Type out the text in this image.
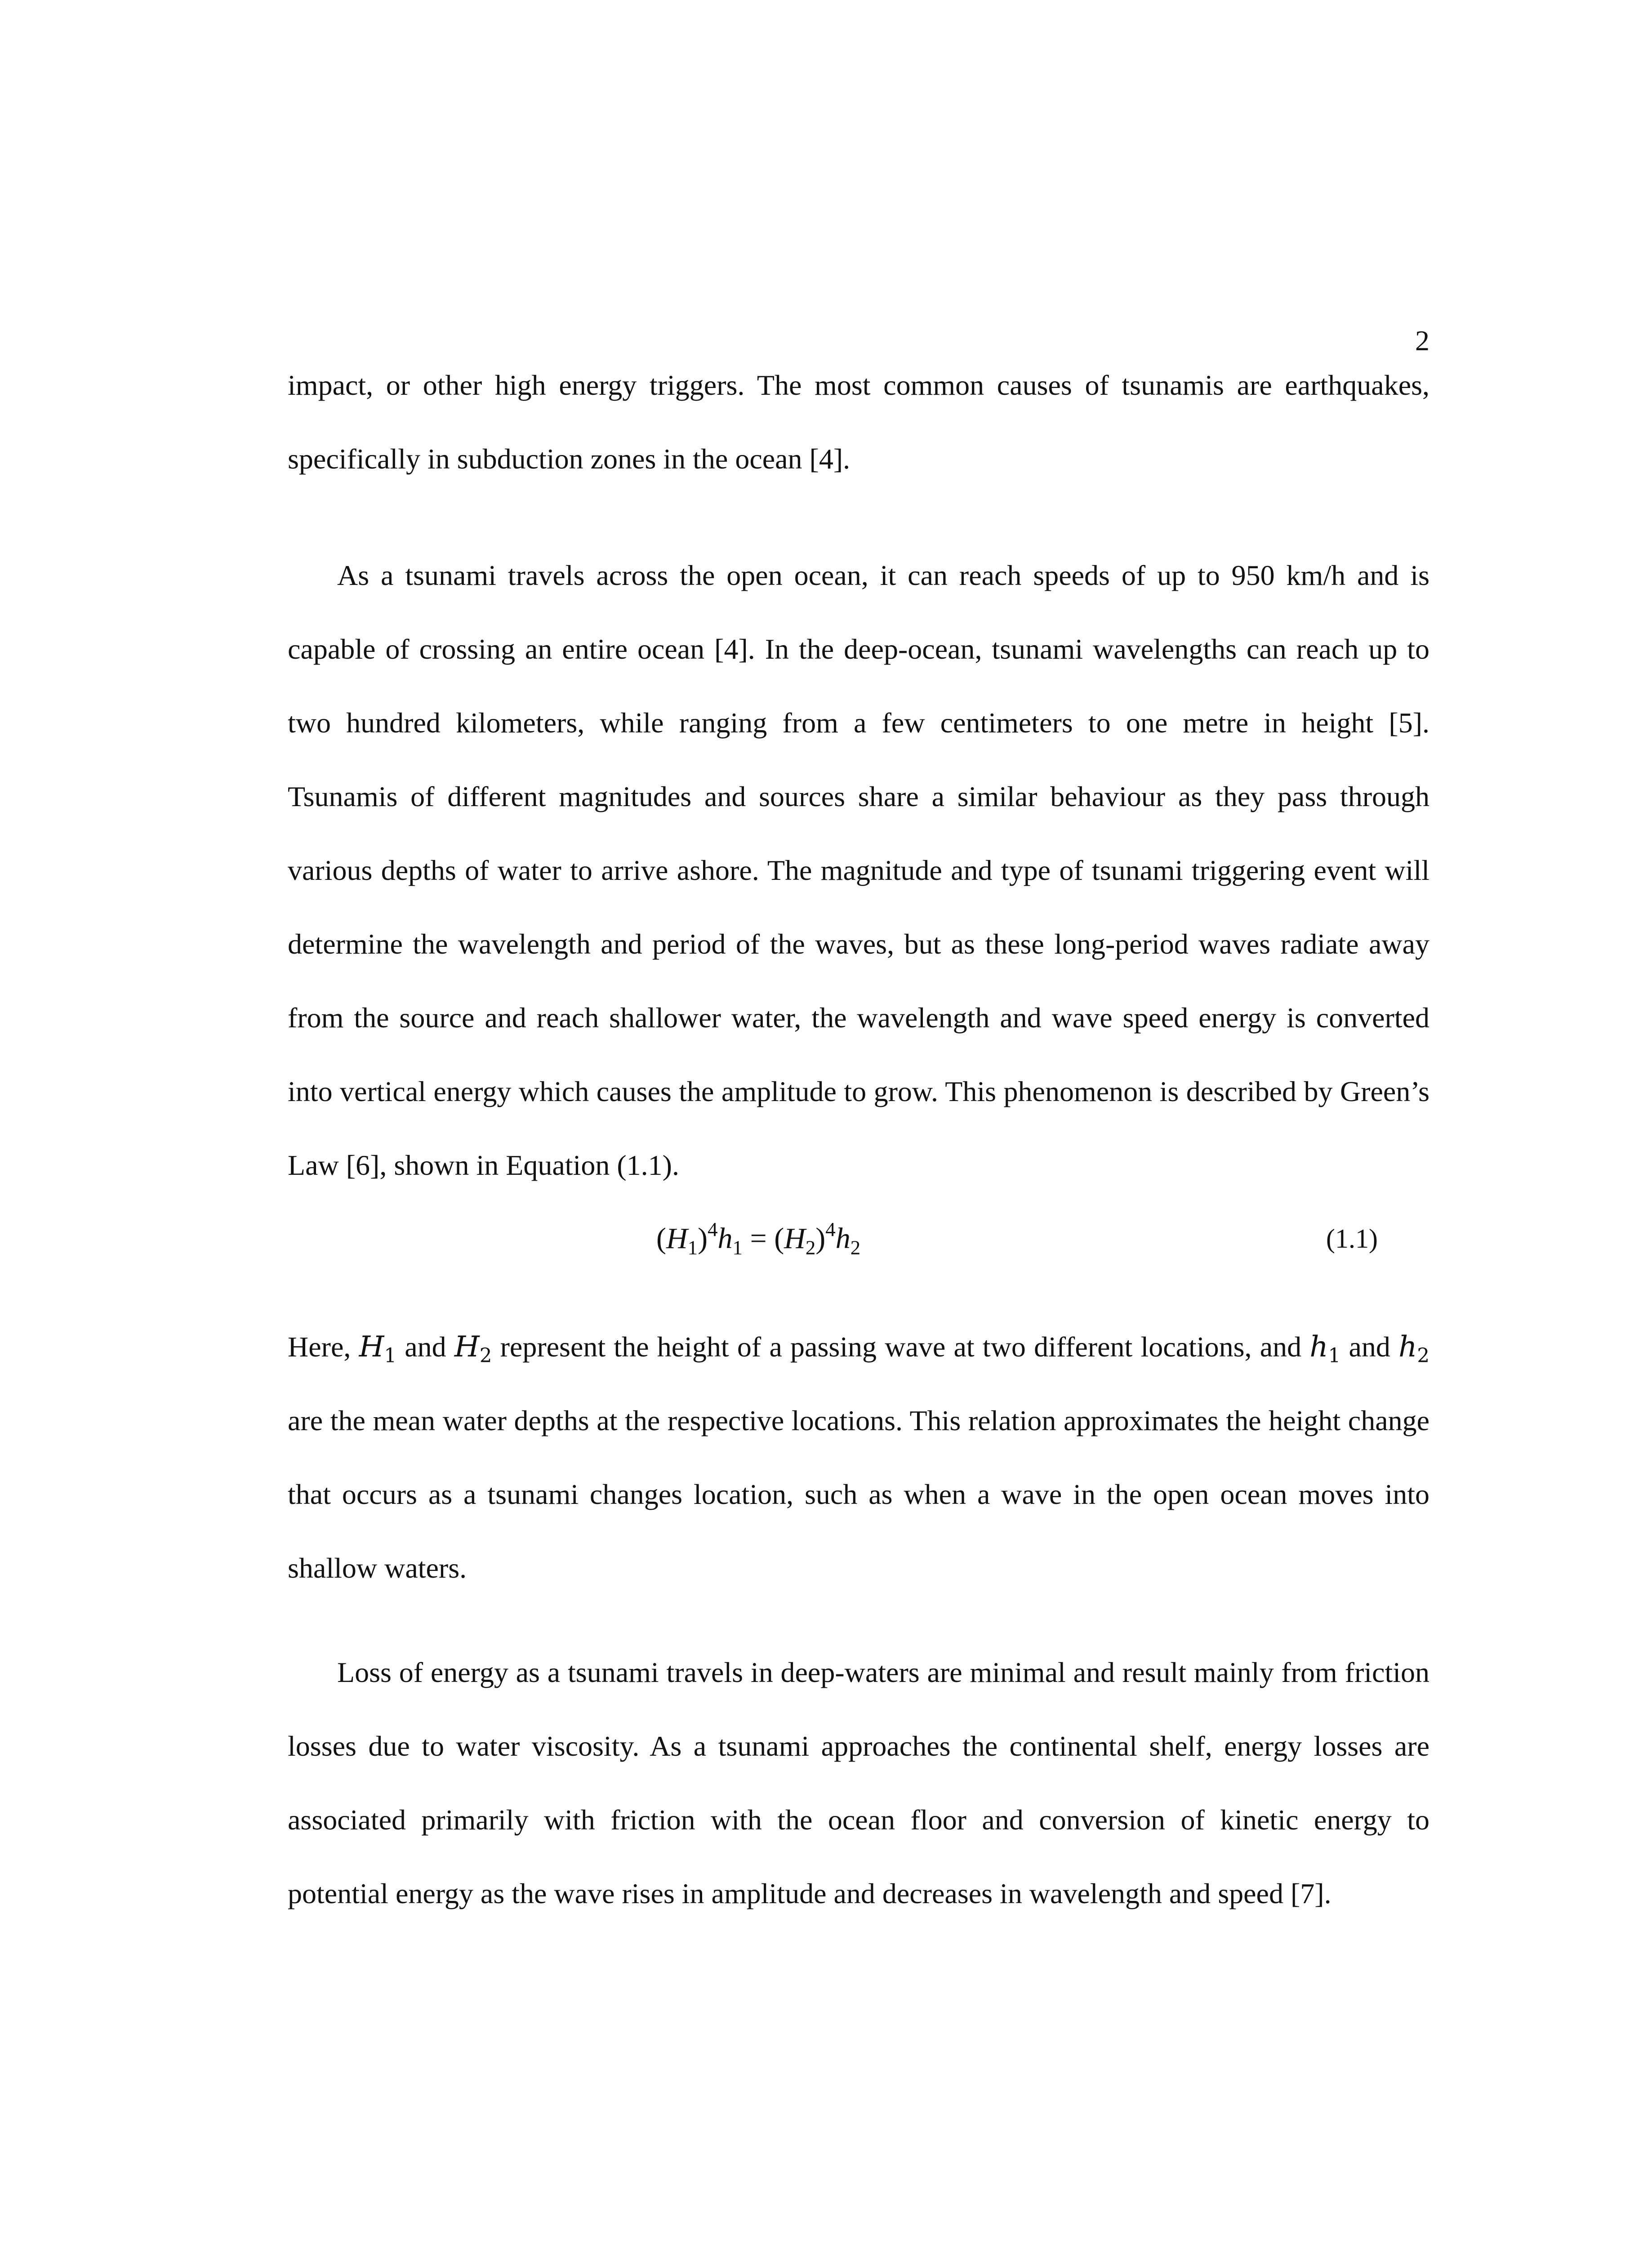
2

impact, or other high energy triggers. The most common causes of tsunamis are earthquakes, specifically in subduction zones in the ocean [4].

As a tsunami travels across the open ocean, it can reach speeds of up to 950 km/h and is capable of crossing an entire ocean [4]. In the deep-ocean, tsunami wavelengths can reach up to two hundred kilometers, while ranging from a few centimeters to one metre in height [5]. Tsunamis of different magnitudes and sources share a similar behaviour as they pass through various depths of water to arrive ashore. The magnitude and type of tsunami triggering event will determine the wavelength and period of the waves, but as these long-period waves radiate away from the source and reach shallower water, the wavelength and wave speed energy is converted into vertical energy which causes the amplitude to grow. This phenomenon is described by Green’s Law [6], shown in Equation (1.1).

$(H_1)^4h_1 = (H_2)^4h_2$	(1.1)

Here, $H_1$ and $H_2$ represent the height of a passing wave at two different locations, and $h_1$ and $h_2$ are the mean water depths at the respective locations. This relation approximates the height change that occurs as a tsunami changes location, such as when a wave in the open ocean moves into shallow waters.

Loss of energy as a tsunami travels in deep-waters are minimal and result mainly from friction losses due to water viscosity. As a tsunami approaches the continental shelf, energy losses are associated primarily with friction with the ocean floor and conversion of kinetic energy to potential energy as the wave rises in amplitude and decreases in wavelength and speed [7].
